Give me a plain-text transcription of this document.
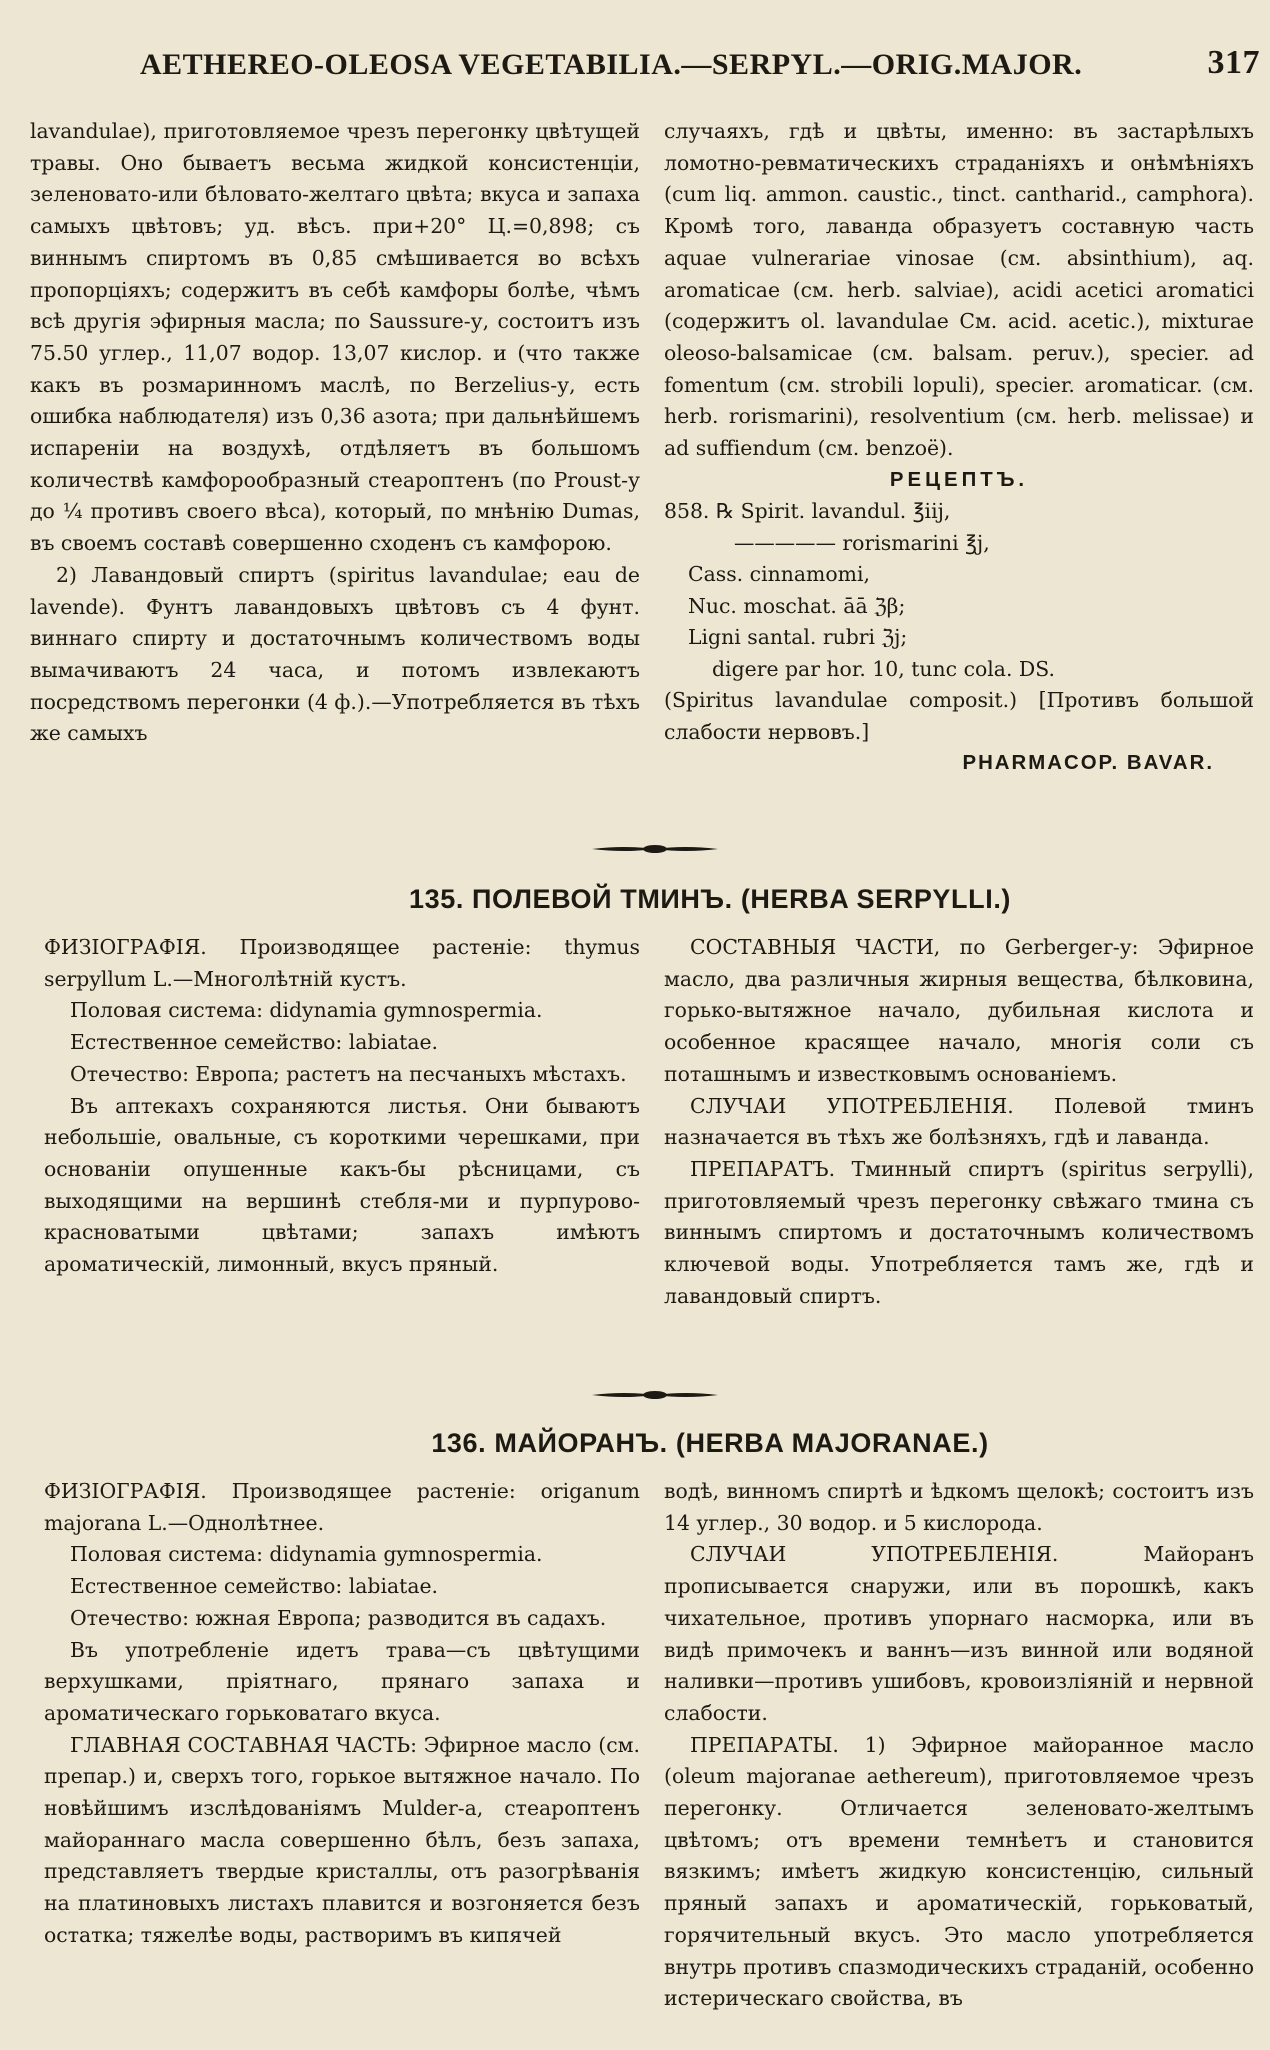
AETHEREO-OLEOSA VEGETABILIA.—SERPYL.—ORIG.MAJOR.	317

lavandulae), приготовляемое чрезъ перегонку цвѣтущей травы. Оно бываетъ весьма жидкой консистенціи, зеленовато-или бѣловато-желтаго цвѣта; вкуса и запаха самыхъ цвѣтовъ; уд. вѣсъ. при+20° Ц.=0,898; съ виннымъ спиртомъ въ 0,85 смѣшивается во всѣхъ пропорціяхъ; содержитъ въ себѣ камфоры болѣе, чѣмъ всѣ другія эфирныя масла; по Saussure-у, состоитъ изъ 75.50 углер., 11,07 водор. 13,07 кислор. и (что также какъ въ розмаринномъ маслѣ, по Berzelius-у, есть ошибка наблюдателя) изъ 0,36 азота; при дальнѣйшемъ испареніи на воздухѣ, отдѣляетъ въ большомъ количествѣ камфорообразный стеароптенъ (по Proust-у до ¼ противъ своего вѣса), который, по мнѣнію Dumas, въ своемъ составѣ совершенно сходенъ съ камфорою.

2) Лавандовый спиртъ (spiritus lavandulae; eau de lavende). Фунтъ лавандовыхъ цвѣтовъ съ 4 фунт. виннаго спирту и достаточнымъ количествомъ воды вымачиваютъ 24 часа, и потомъ извлекаютъ посредствомъ перегонки (4 ф.).—Употребляется въ тѣхъ же самыхъ

случаяхъ, гдѣ и цвѣты, именно: въ застарѣлыхъ ломотно-ревматическихъ страданіяхъ и онѣмѣніяхъ (cum liq. ammon. caustic., tinct. cantharid., camphora). Кромѣ того, лаванда образуетъ составную часть aquae vulnerariae vinosae (см. absinthium), aq. aromaticae (см. herb. salviae), acidi acetici aromatici (содержитъ ol. lavandulae См. acid. acetic.), mixturae oleoso-balsamicae (см. balsam. peruv.), specier. ad fomentum (см. strobili lopuli), specier. aromaticar. (см. herb. rorismarini), resolventium (см. herb. melissae) и ad suffiendum (см. benzoё).

РЕЦЕПТЪ.
858. ℞ Spirit. lavandul. ℥iij,
————— rorismarini ℥j,
Cass. cinnamomi,
Nuc. moschat. āā ℨβ;
Ligni santal. rubri ℨj;
digere par hor. 10, tunc cola. DS.
(Spiritus lavandulae composit.) [Противъ большой слабости нервовъ.]
PHARMACOP. BAVAR.
135. ПОЛЕВОЙ ТМИНЪ. (HERBA SERPYLLI.)

ФИЗІОГРАФІЯ. Производящее растеніе: thymus serpyllum L.—Многолѣтній кустъ.

Половая система: didynamia gymnospermia.

Естественное семейство: labiatae.

Отечество: Европа; растетъ на песчаныхъ мѣстахъ.

Въ аптекахъ сохраняются листья. Они бываютъ небольшіе, овальные, съ короткими черешками, при основаніи опушенные какъ-бы рѣсницами, съ выходящими на вершинѣ стебля-ми и пурпурово-красноватыми цвѣтами; запахъ имѣютъ ароматическій, лимонный, вкусъ пряный.

СОСТАВНЫЯ ЧАСТИ, по Gerberger-у: Эфирное масло, два различныя жирныя вещества, бѣлковина, горько-вытяжное начало, дубильная кислота и особенное красящее начало, многія соли съ поташнымъ и известковымъ основаніемъ.

СЛУЧАИ УПОТРЕБЛЕНІЯ. Полевой тминъ назначается въ тѣхъ же болѣзняхъ, гдѣ и лаванда.

ПРЕПАРАТЪ. Тминный спиртъ (spiritus serpylli), приготовляемый чрезъ перегонку свѣжаго тмина съ виннымъ спиртомъ и достаточнымъ количествомъ ключевой воды. Употребляется тамъ же, гдѣ и лавандовый спиртъ.

136. МАЙОРАНЪ. (HERBA MAJORANAE.)

ФИЗІОГРАФІЯ. Производящее растеніе: origanum majorana L.—Однолѣтнее.

Половая система: didynamia gymnospermia.

Естественное семейство: labiatae.

Отечество: южная Европа; разводится въ садахъ.

Въ употребленіе идетъ трава—съ цвѣтущими верхушками, пріятнаго, прянаго запаха и ароматическаго горьковатаго вкуса.

ГЛАВНАЯ СОСТАВНАЯ ЧАСТЬ: Эфирное масло (см. препар.) и, сверхъ того, горькое вытяжное начало. По новѣйшимъ изслѣдованіямъ Mulder-а, стеароптенъ майораннаго масла совершенно бѣлъ, безъ запаха, представляетъ твердые кристаллы, отъ разогрѣванія на платиновыхъ листахъ плавится и возгоняется безъ остатка; тяжелѣе воды, растворимъ въ кипячей

водѣ, винномъ спиртѣ и ѣдкомъ щелокѣ; состоитъ изъ 14 углер., 30 водор. и 5 кислорода.

СЛУЧАИ УПОТРЕБЛЕНІЯ. Майоранъ прописывается снаружи, или въ порошкѣ, какъ чихательное, противъ упорнаго насморка, или въ видѣ примочекъ и ваннъ—изъ винной или водяной наливки—противъ ушибовъ, кровоизліяній и нервной слабости.

ПРЕПАРАТЫ. 1) Эфирное майоранное масло (oleum majoranae aethereum), приготовляемое чрезъ перегонку. Отличается зеленовато-желтымъ цвѣтомъ; отъ времени темнѣетъ и становится вязкимъ; имѣетъ жидкую консистенцію, сильный пряный запахъ и ароматическій, горьковатый, горячительный вкусъ. Это масло употребляется внутрь противъ спазмодическихъ страданій, особенно истерическаго свойства, въ
